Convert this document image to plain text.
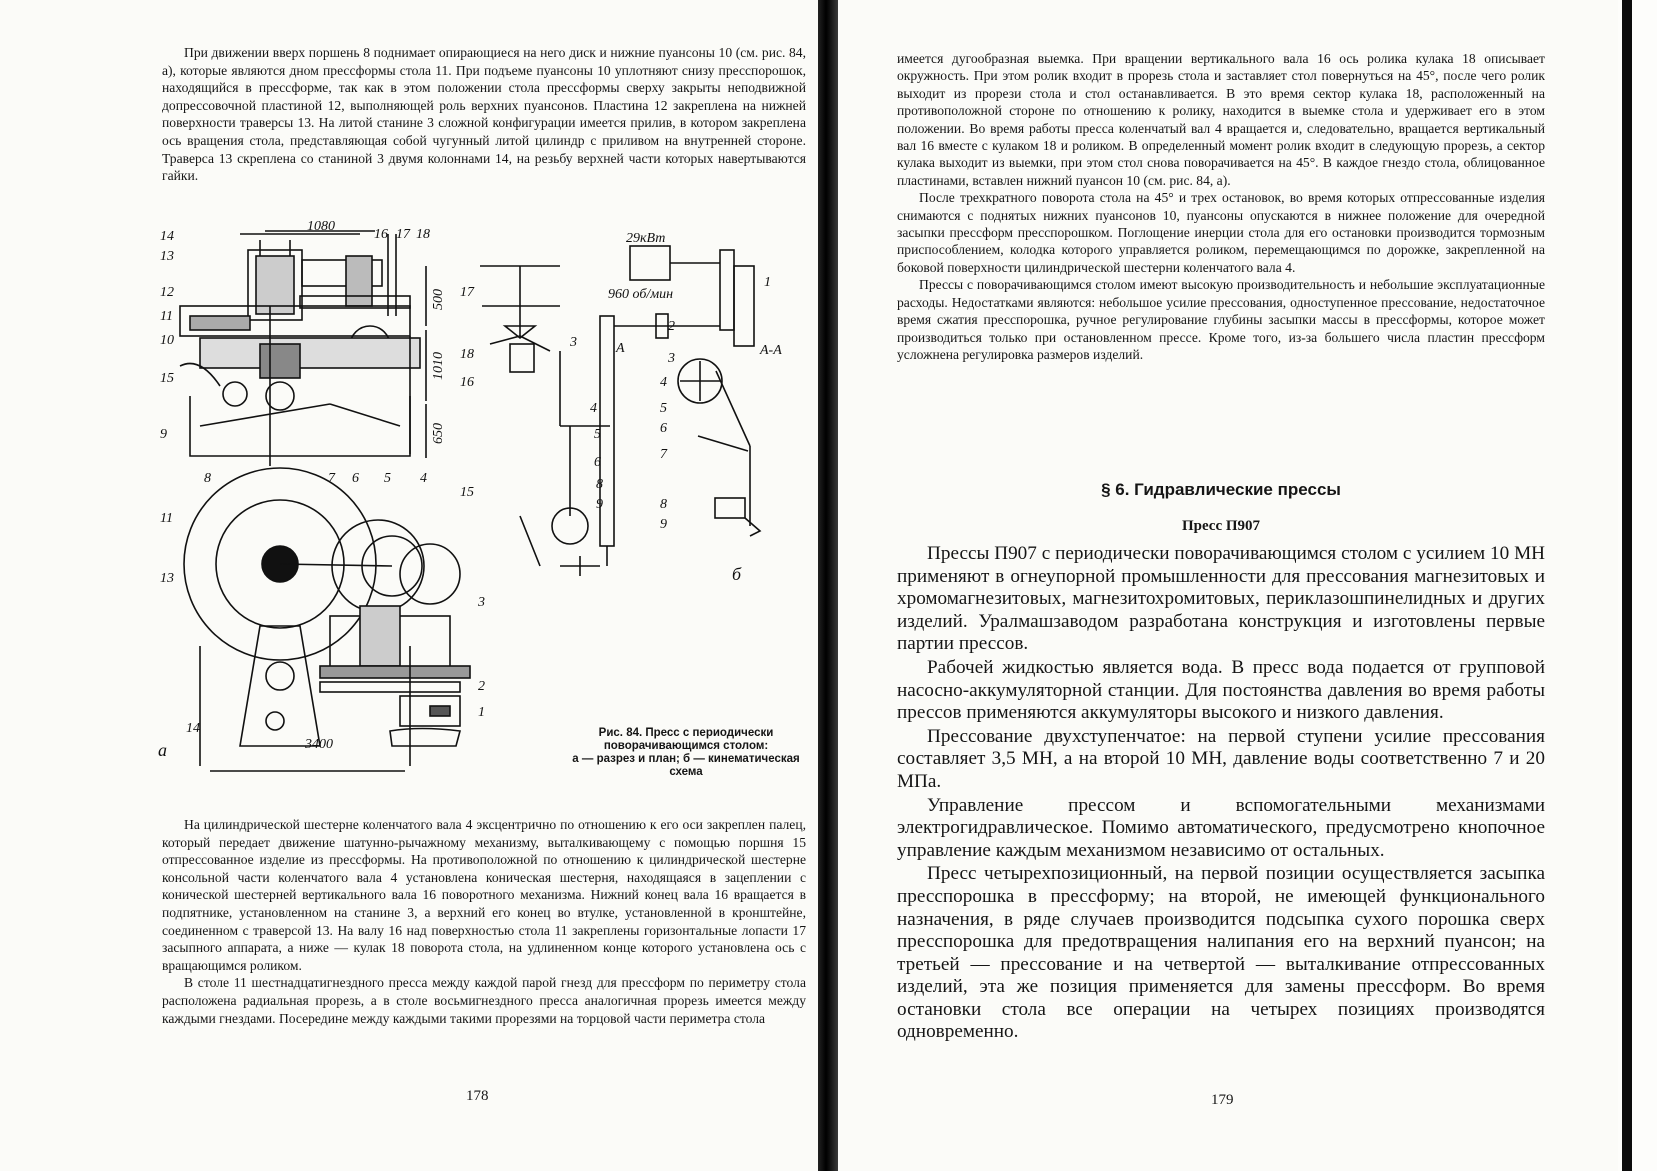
При движении вверх поршень 8 поднимает опирающиеся на него диск и нижние пуансоны 10 (см. рис. 84, а), которые являются дном прессформы стола 11. При подъеме пуансоны 10 уплотняют снизу пресспорошок, находящийся в прессформе, так как в этом положении стола прессформы сверху закрыты неподвижной допрессовочной пластиной 12, выполняющей роль верхних пуансонов. Пластина 12 закреплена на нижней поверхности траверсы 13. На литой станине 3 сложной конфигурации имеется прилив, в котором закреплена ось вращения стола, представляющая собой чугунный литой цилиндр с приливом на внутренней стороне. Траверса 13 скреплена со станиной 3 двумя колоннами 14, на резьбу верхней части которых навертываются гайки.

1080
500
1010
650
3400
14
13
12
11
10
15
9
8	7 6 5 4
16 17 18
11
13
3
2
1
14
17
18
16
15
3
4
5
6
8
9
1
2
3
4
5
6
7
8
9
29кВт
960 об/мин
А-А
А
а
б
Рис. 84. Пресс с периодически
поворачивающимся столом:
а — разрез и план; б — кинематическая схема

На цилиндрической шестерне коленчатого вала 4 эксцентрично по отношению к его оси закреплен палец, который передает движение шатунно-рычажному механизму, выталкивающему с помощью поршня 15 отпрессованное изделие из прессформы. На противоположной по отношению к цилиндрической шестерне консольной части коленчатого вала 4 установлена коническая шестерня, находящаяся в зацеплении с конической шестерней вертикального вала 16 поворотного механизма. Нижний конец вала 16 вращается в подпятнике, установленном на станине 3, а верхний его конец во втулке, установленной в кронштейне, соединенном с траверсой 13. На валу 16 над поверхностью стола 11 закреплены горизонтальные лопасти 17 засыпного аппарата, а ниже — кулак 18 поворота стола, на удлиненном конце которого установлена ось с вращающимся роликом.

В столе 11 шестнадцатигнездного пресса между каждой парой гнезд для прессформ по периметру стола расположена радиальная прорезь, а в столе восьмигнездного пресса аналогичная прорезь имеется между каждыми гнездами. Посередине между каждыми такими прорезями на торцовой части периметра стола

178

имеется дугообразная выемка. При вращении вертикального вала 16 ось ролика кулака 18 описывает окружность. При этом ролик входит в прорезь стола и заставляет стол повернуться на 45°, после чего ролик выходит из прорези стола и стол останавливается. В это время сектор кулака 18, расположенный на противоположной стороне по отношению к ролику, находится в выемке стола и удерживает его в этом положении. Во время работы пресса коленчатый вал 4 вращается и, следовательно, вращается вертикальный вал 16 вместе с кулаком 18 и роликом. В определенный момент ролик входит в следующую прорезь, а сектор кулака выходит из выемки, при этом стол снова поворачивается на 45°. В каждое гнездо стола, облицованное пластинами, вставлен нижний пуансон 10 (см. рис. 84, а).

После трехкратного поворота стола на 45° и трех остановок, во время которых отпрессованные изделия снимаются с поднятых нижних пуансонов 10, пуансоны опускаются в нижнее положение для очередной засыпки прессформ пресспорошком. Поглощение инерции стола для его остановки производится тормозным приспособлением, колодка которого управляется роликом, перемещающимся по дорожке, закрепленной на боковой поверхности цилиндрической шестерни коленчатого вала 4.

Прессы с поворачивающимся столом имеют высокую производительность и небольшие эксплуатационные расходы. Недостатками являются: небольшое усилие прессования, одноступенное прессование, недостаточное время сжатия пресспорошка, ручное регулирование глубины засыпки массы в прессформы, которое может производиться только при остановленном прессе. Кроме того, из-за большего числа пластин прессформ усложнена регулировка размеров изделий.

§ 6. Гидравлические прессы
Пресс П907

Прессы П907 с периодически поворачивающимся столом с усилием 10 МН применяют в огнеупорной промышленности для прессования магнезитовых и хромомагнезитовых, магнезитохромитовых, периклазошпинелидных и других изделий. Уралмашзаводом разработана конструкция и изготовлены первые партии прессов.

Рабочей жидкостью является вода. В пресс вода подается от групповой насосно-аккумуляторной станции. Для постоянства давления во время работы прессов применяются аккумуляторы высокого и низкого давления.

Прессование двухступенчатое: на первой ступени усилие прессования составляет 3,5 МН, а на второй 10 МН, давление воды соответственно 7 и 20 МПа.

Управление прессом и вспомогательными механизмами электрогидравлическое. Помимо автоматического, предусмотрено кнопочное управление каждым механизмом независимо от остальных.

Пресс четырехпозиционный, на первой позиции осуществляется засыпка пресспорошка в прессформу; на второй, не имеющей функционального назначения, в ряде случаев производится подсыпка сухого порошка сверх пресспорошка для предотвращения налипания его на верхний пуансон; на третьей — прессование и на четвертой — выталкивание отпрессованных изделий, эта же позиция применяется для замены прессформ. Во время остановки стола все операции на четырех позициях производятся одновременно.

179
